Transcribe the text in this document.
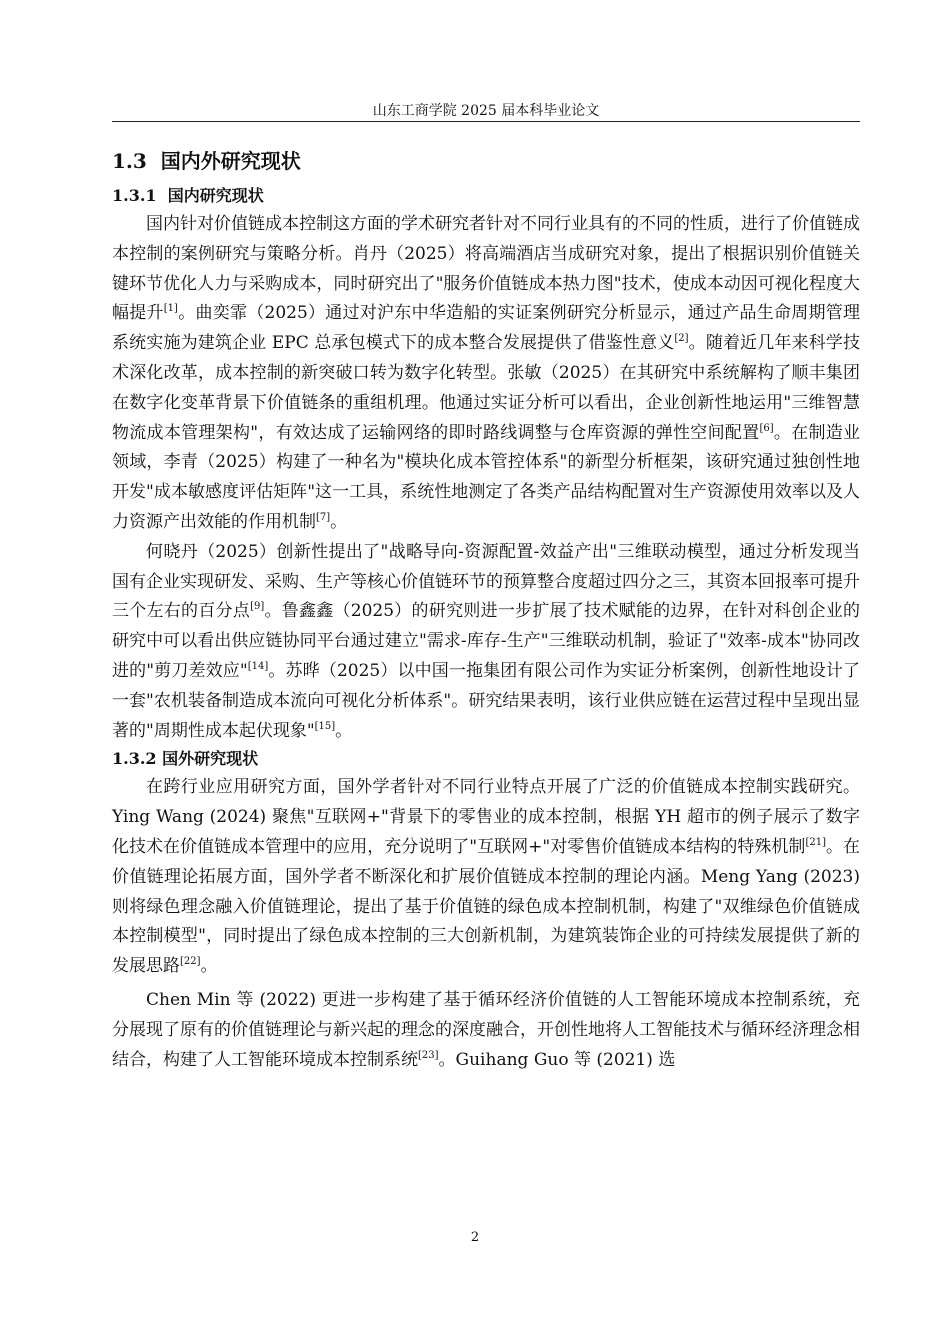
山东工商学院 2025 届本科毕业论文
1.3 国内外研究现状
1.3.1 国内研究现状

国内针对价值链成本控制这方面的学术研究者针对不同行业具有的不同的性质，进行了价值链成本控制的案例研究与策略分析。肖丹（2025）将高端酒店当成研究对象，提出了根据识别价值链关键环节优化人力与采购成本，同时研究出了"服务价值链成本热力图"技术，使成本动因可视化程度大幅提升[1]。曲奕霏（2025）通过对沪东中华造船的实证案例研究分析显示，通过产品生命周期管理系统实施为建筑企业 EPC 总承包模式下的成本整合发展提供了借鉴性意义[2]。随着近几年来科学技术深化改革，成本控制的新突破口转为数字化转型。张敏（2025）在其研究中系统解构了顺丰集团在数字化变革背景下价值链条的重组机理。他通过实证分析可以看出，企业创新性地运用"三维智慧物流成本管理架构"，有效达成了运输网络的即时路线调整与仓库资源的弹性空间配置[6]。在制造业领域，李青（2025）构建了一种名为"模块化成本管控体系"的新型分析框架，该研究通过独创性地开发"成本敏感度评估矩阵"这一工具，系统性地测定了各类产品结构配置对生产资源使用效率以及人力资源产出效能的作用机制[7]。

何晓丹（2025）创新性提出了"战略导向-资源配置-效益产出"三维联动模型，通过分析发现当国有企业实现研发、采购、生产等核心价值链环节的预算整合度超过四分之三，其资本回报率可提升三个左右的百分点[9]。鲁鑫鑫（2025）的研究则进一步扩展了技术赋能的边界，在针对科创企业的研究中可以看出供应链协同平台通过建立"需求-库存-生产"三维联动机制，验证了"效率-成本"协同改进的"剪刀差效应"[14]。苏晔（2025）以中国一拖集团有限公司作为实证分析案例，创新性地设计了一套"农机装备制造成本流向可视化分析体系"。研究结果表明，该行业供应链在运营过程中呈现出显著的"周期性成本起伏现象"[15]。

1.3.2 国外研究现状

在跨行业应用研究方面，国外学者针对不同行业特点开展了广泛的价值链成本控制实践研究。Ying Wang (2024) 聚焦"互联网+"背景下的零售业的成本控制，根据 YH 超市的例子展示了数字化技术在价值链成本管理中的应用，充分说明了"互联网+"对零售价值链成本结构的特殊机制[21]。在价值链理论拓展方面，国外学者不断深化和扩展价值链成本控制的理论内涵。Meng Yang (2023) 则将绿色理念融入价值链理论，提出了基于价值链的绿色成本控制机制，构建了"双维绿色价值链成本控制模型"，同时提出了绿色成本控制的三大创新机制，为建筑装饰企业的可持续发展提供了新的发展思路[22]。

Chen Min 等 (2022) 更进一步构建了基于循环经济价值链的人工智能环境成本控制系统，充分展现了原有的价值链理论与新兴起的理念的深度融合，开创性地将人工智能技术与循环经济理念相结合，构建了人工智能环境成本控制系统[23]。Guihang Guo 等 (2021) 选

2
